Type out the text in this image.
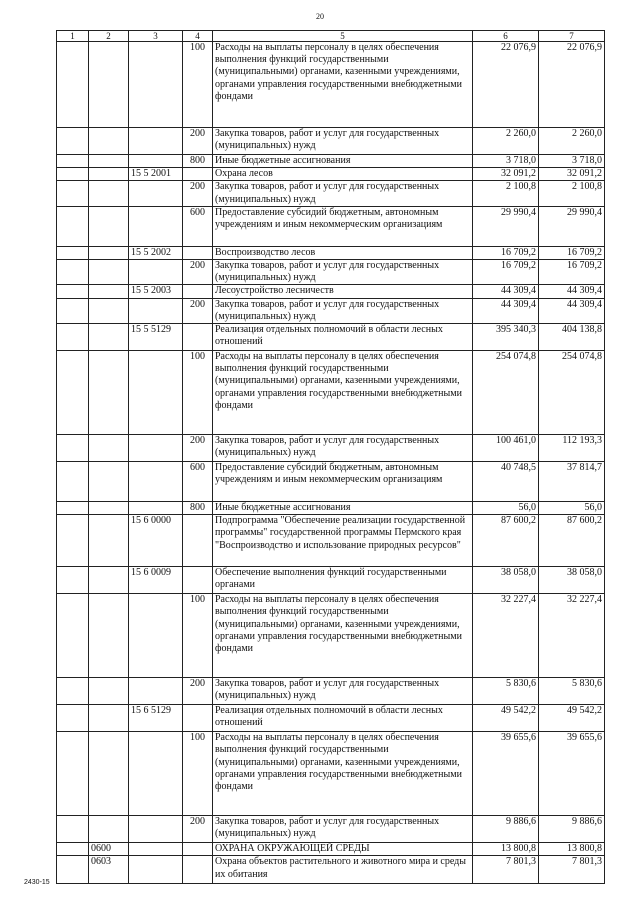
20
1	2	3	4	5	6	7
			100	Расходы на выплаты персоналу в целях обеспечения выполнения функций государственными (муниципальными) органами, казенными учреждениями, органами управления государственными внебюджетными фондами	22 076,9	22 076,9
			200	Закупка товаров, работ и услуг для государственных (муниципальных) нужд	2 260,0	2 260,0
			800	Иные бюджетные ассигнования	3 718,0	3 718,0
		15 5 2001		Охрана лесов	32 091,2	32 091,2
			200	Закупка товаров, работ и услуг для государственных (муниципальных) нужд	2 100,8	2 100,8
			600	Предоставление субсидий бюджетным, автономным учреждениям и иным некоммерческим организациям	29 990,4	29 990,4
		15 5 2002		Воспроизводство лесов	16 709,2	16 709,2
			200	Закупка товаров, работ и услуг для государственных (муниципальных) нужд	16 709,2	16 709,2
		15 5 2003		Лесоустройство лесничеств	44 309,4	44 309,4
			200	Закупка товаров, работ и услуг для государственных (муниципальных) нужд	44 309,4	44 309,4
		15 5 5129		Реализация отдельных полномочий в области лесных отношений	395 340,3	404 138,8
			100	Расходы на выплаты персоналу в целях обеспечения выполнения функций государственными (муниципальными) органами, казенными учреждениями, органами управления государственными внебюджетными фондами	254 074,8	254 074,8
			200	Закупка товаров, работ и услуг для государственных (муниципальных) нужд	100 461,0	112 193,3
			600	Предоставление субсидий бюджетным, автономным учреждениям и иным некоммерческим организациям	40 748,5	37 814,7
			800	Иные бюджетные ассигнования	56,0	56,0
		15 6 0000		Подпрограмма "Обеспечение реализации государственной программы" государственной программы Пермского края "Воспроизводство и использование природных ресурсов"	87 600,2	87 600,2
		15 6 0009		Обеспечение выполнения функций государственными органами	38 058,0	38 058,0
			100	Расходы на выплаты персоналу в целях обеспечения выполнения функций государственными (муниципальными) органами, казенными учреждениями, органами управления государственными внебюджетными фондами	32 227,4	32 227,4
			200	Закупка товаров, работ и услуг для государственных (муниципальных) нужд	5 830,6	5 830,6
		15 6 5129		Реализация отдельных полномочий в области лесных отношений	49 542,2	49 542,2
			100	Расходы на выплаты персоналу в целях обеспечения выполнения функций государственными (муниципальными) органами, казенными учреждениями, органами управления государственными внебюджетными фондами	39 655,6	39 655,6
			200	Закупка товаров, работ и услуг для государственных (муниципальных) нужд	9 886,6	9 886,6
	0600			ОХРАНА ОКРУЖАЮЩЕЙ СРЕДЫ	13 800,8	13 800,8
	0603			Охрана объектов растительного и животного мира и среды их обитания	7 801,3	7 801,3
2430-15
